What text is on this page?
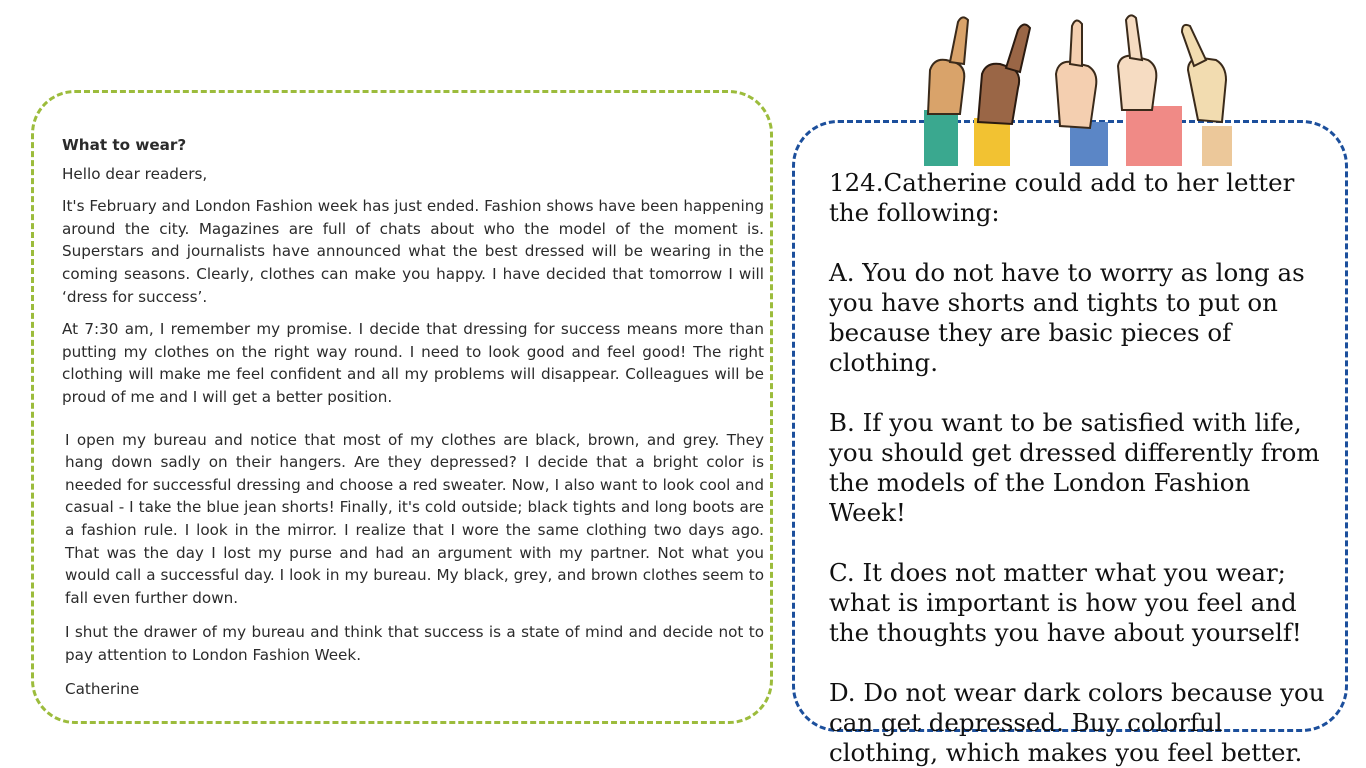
What to wear?

Hello dear readers,

It's February and London Fashion week has just ended. Fashion shows have been happening around the city. Magazines are full of chats about who the model of the moment is. Superstars and journalists have announced what the best dressed will be wearing in the coming seasons. Clearly, clothes can make you happy. I have decided that tomorrow I will ‘dress for success’.

At 7:30 am, I remember my promise. I decide that dressing for success means more than putting my clothes on the right way round. I need to look good and feel good! The right clothing will make me feel confident and all my problems will disappear. Colleagues will be proud of me and I will get a better position.

I open my bureau and notice that most of my clothes are black, brown, and grey. They hang down sadly on their hangers. Are they depressed? I decide that a bright color is needed for successful dressing and choose a red sweater. Now, I also want to look cool and casual - I take the blue jean shorts! Finally, it's cold outside; black tights and long boots are a fashion rule. I look in the mirror. I realize that I wore the same clothing two days ago. That was the day I lost my purse and had an argument with my partner. Not what you would call a successful day. I look in my bureau. My black, grey, and brown clothes seem to fall even further down.

I shut the drawer of my bureau and think that success is a state of mind and decide not to pay attention to London Fashion Week.

Catherine

124.Catherine could add to her letter the following:

A. You do not have to worry as long as you have shorts and tights to put on because they are basic pieces of clothing.

B. If you want to be satisfied with life, you should get dressed differently from the models of the London Fashion Week!

C. It does not matter what you wear; what is important is how you feel and the thoughts you have about yourself!

D. Do not wear dark colors because you can get depressed. Buy colorful clothing, which makes you feel better.
